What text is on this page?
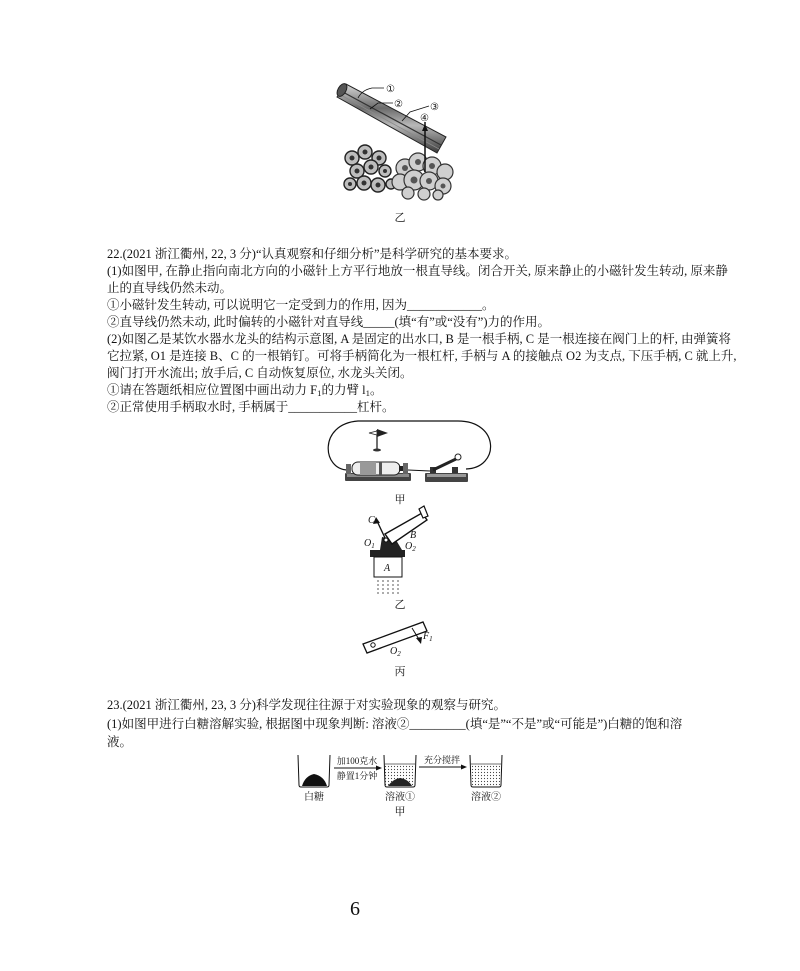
①
②	③
④
乙
22.(2021 浙江衢州, 22, 3 分)“认真观察和仔细分析”是科学研究的基本要求。
(1)如图甲, 在静止指向南北方向的小磁针上方平行地放一根直导线。闭合开关, 原来静止的小磁针发生转动, 原来静
止的直导线仍然未动。
①小磁针发生转动, 可以说明它一定受到力的作用, 因为____________。
②直导线仍然未动, 此时偏转的小磁针对直导线_____(填“有”或“没有”)力的作用。
(2)如图乙是某饮水器水龙头的结构示意图, A 是固定的出水口, B 是一根手柄, C 是一根连接在阀门上的杆, 由弹簧将
它拉紧, O1 是连接 B、C 的一根销钉。可将手柄简化为一根杠杆, 手柄与 A 的接触点 O2 为支点, 下压手柄, C 就上升,
阀门打开水流出; 放手后, C 自动恢复原位, 水龙头关闭。
①请在答题纸相应位置图中画出动力 $F_1$的力臂 $l_1$。
②正常使用手柄取水时, 手柄属于___________杠杆。
甲
C
$O_1$
B
$O_2$
A
乙
$O_2$
$F_1$
丙
23.(2021 浙江衢州, 23, 3 分)科学发现往往源于对实验现象的观察与研究。
(1)如图甲进行白糖溶解实验, 根据图中现象判断: 溶液②_________(填“是”“不是”或“可能是”)白糖的饱和溶
液。
加100克水
静置1分钟
充分搅拌
白糖	溶液①	溶液②
甲
6
